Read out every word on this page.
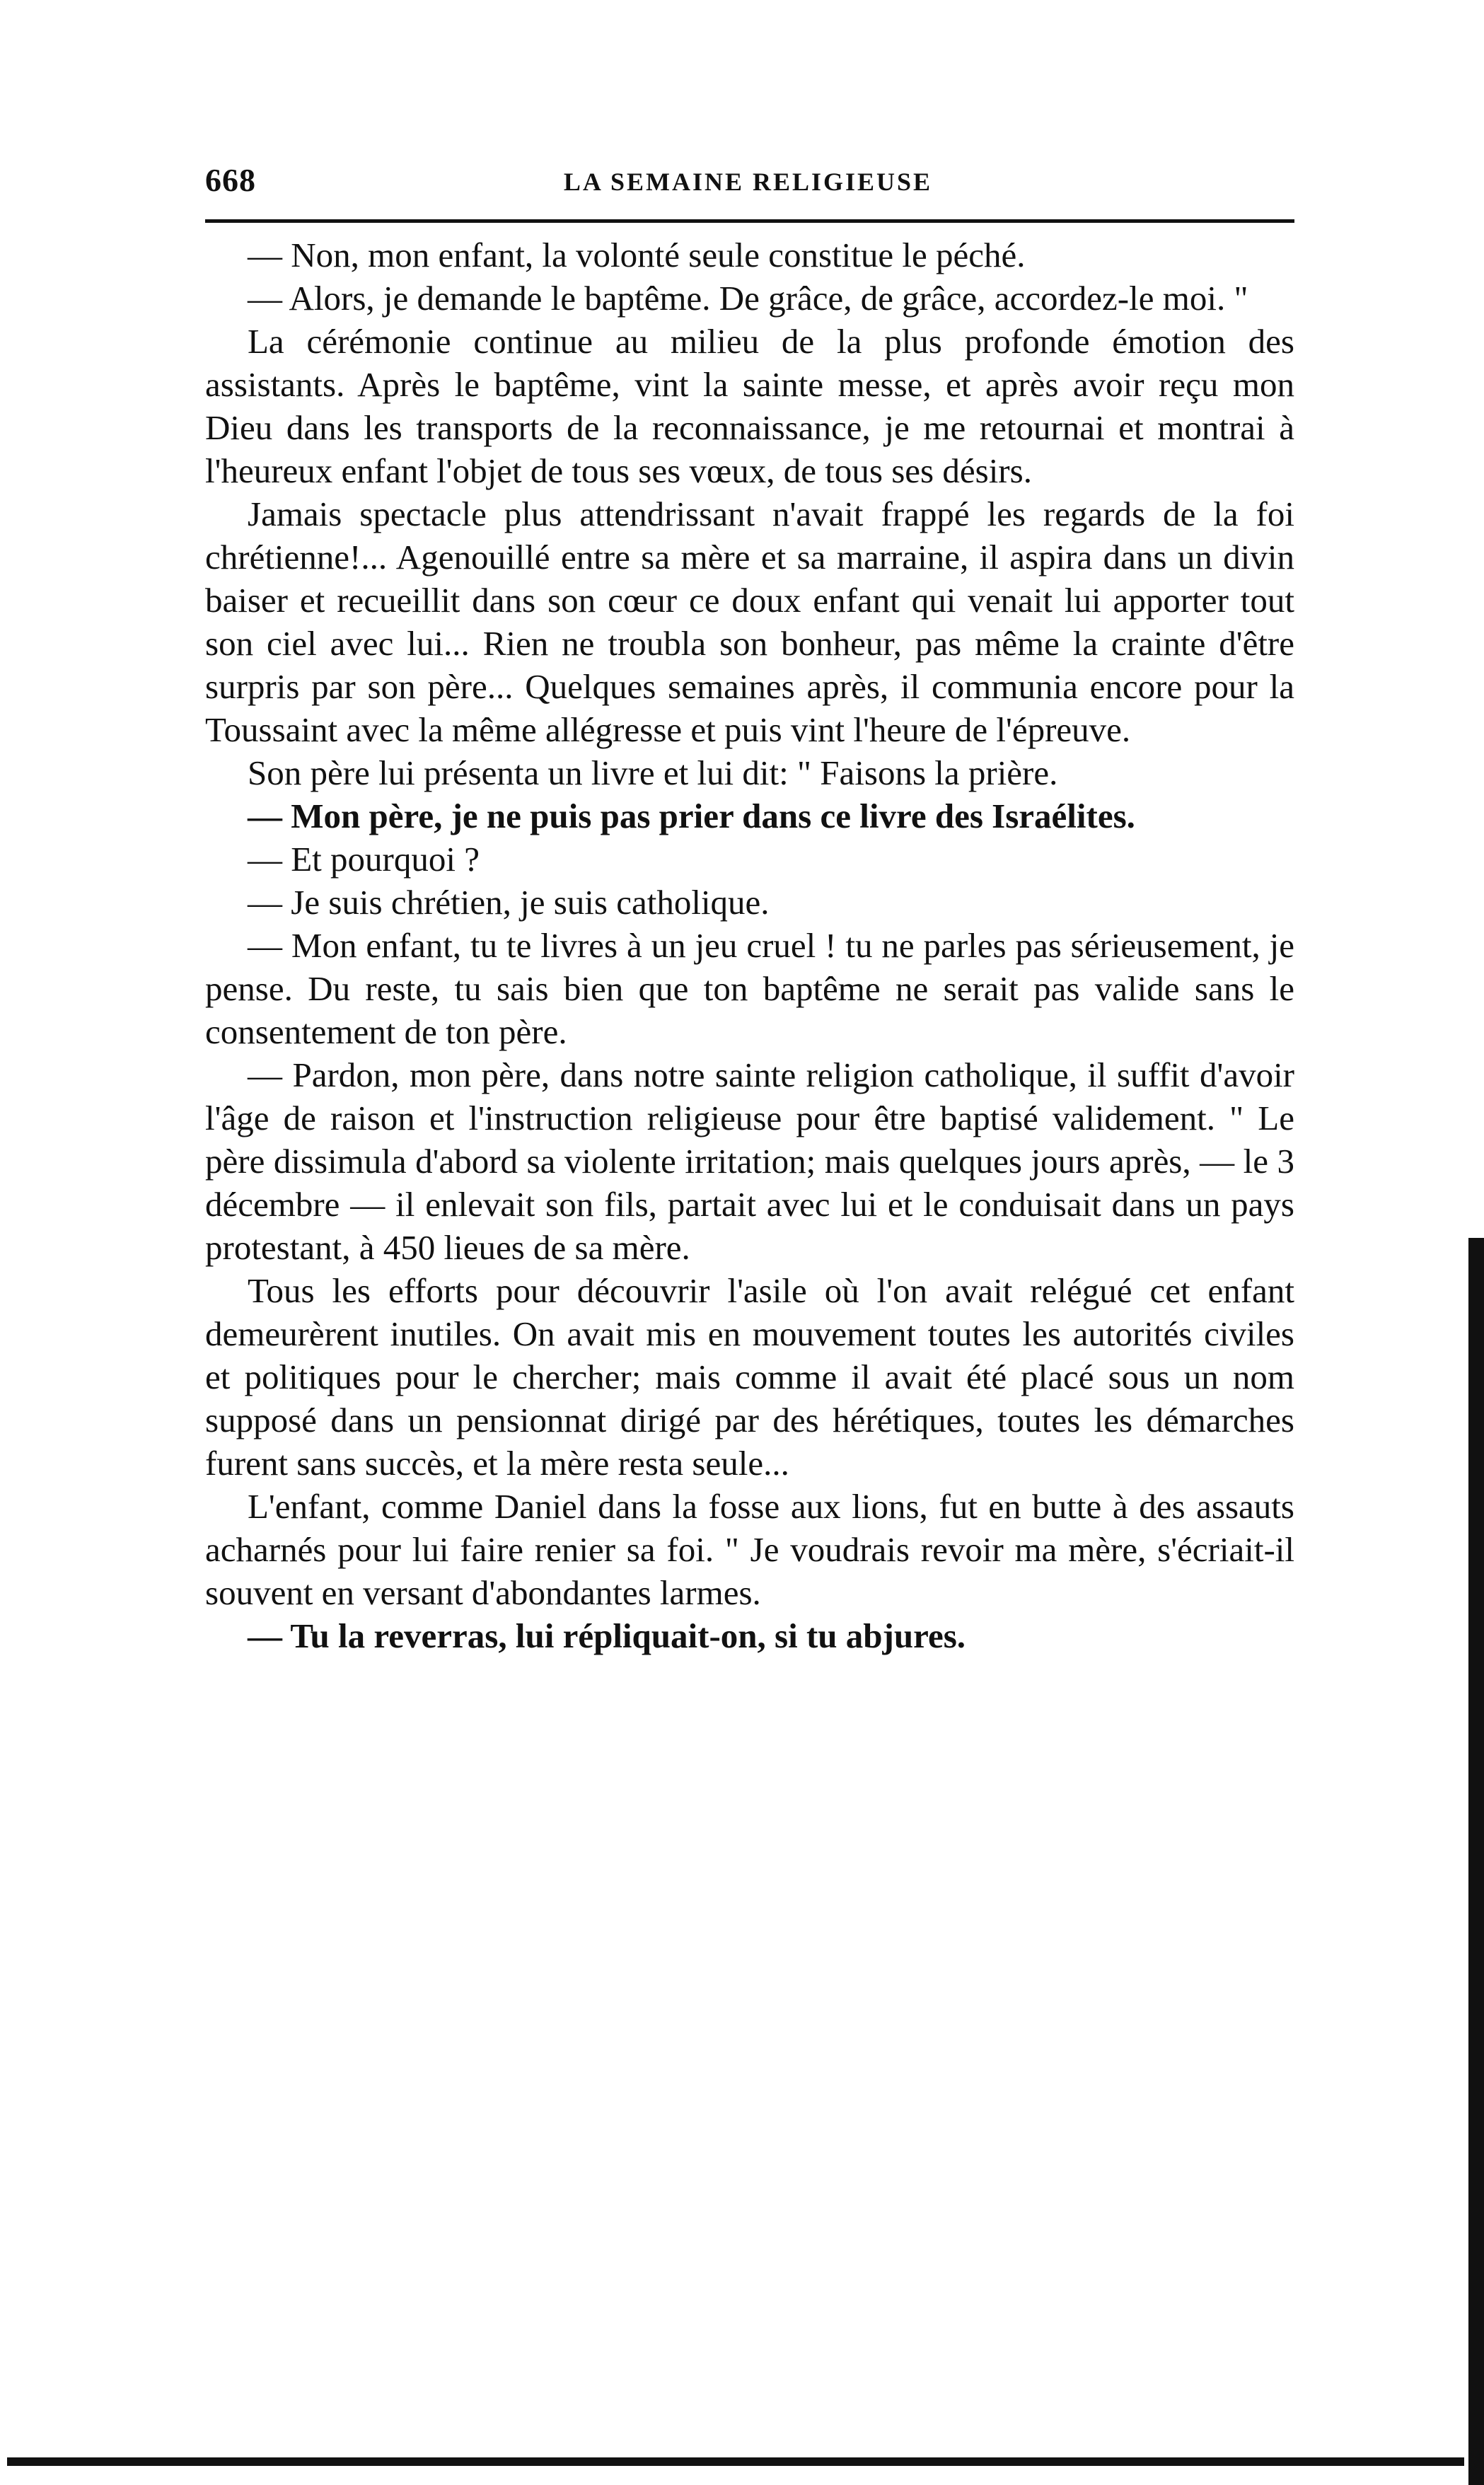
668	LA SEMAINE RELIGIEUSE

— Non, mon enfant, la volonté seule constitue le péché.

— Alors, je demande le baptême. De grâce, de grâce, accordez-le moi. "

La cérémonie continue au milieu de la plus profonde émotion des assistants. Après le baptême, vint la sainte messe, et après avoir reçu mon Dieu dans les transports de la reconnaissance, je me retournai et montrai à l'heureux enfant l'objet de tous ses vœux, de tous ses désirs.

Jamais spectacle plus attendrissant n'avait frappé les regards de la foi chrétienne!... Agenouillé entre sa mère et sa marraine, il aspira dans un divin baiser et recueillit dans son cœur ce doux enfant qui venait lui apporter tout son ciel avec lui... Rien ne troubla son bonheur, pas même la crainte d'être surpris par son père... Quelques semaines après, il communia encore pour la Toussaint avec la même allégresse et puis vint l'heure de l'épreuve.

Son père lui présenta un livre et lui dit: " Faisons la prière.

— Mon père, je ne puis pas prier dans ce livre des Israélites.

— Et pourquoi ?

— Je suis chrétien, je suis catholique.

— Mon enfant, tu te livres à un jeu cruel ! tu ne parles pas sérieusement, je pense. Du reste, tu sais bien que ton baptême ne serait pas valide sans le consentement de ton père.

— Pardon, mon père, dans notre sainte religion catholique, il suffit d'avoir l'âge de raison et l'instruction religieuse pour être baptisé validement. " Le père dissimula d'abord sa violente irritation; mais quelques jours après, — le 3 décembre — il enlevait son fils, partait avec lui et le conduisait dans un pays protestant, à 450 lieues de sa mère.

Tous les efforts pour découvrir l'asile où l'on avait relégué cet enfant demeurèrent inutiles. On avait mis en mouvement toutes les autorités civiles et politiques pour le chercher; mais comme il avait été placé sous un nom supposé dans un pensionnat dirigé par des hérétiques, toutes les démarches furent sans succès, et la mère resta seule...

L'enfant, comme Daniel dans la fosse aux lions, fut en butte à des assauts acharnés pour lui faire renier sa foi. " Je voudrais revoir ma mère, s'écriait-il souvent en versant d'abondantes larmes.

— Tu la reverras, lui répliquait-on, si tu abjures.
